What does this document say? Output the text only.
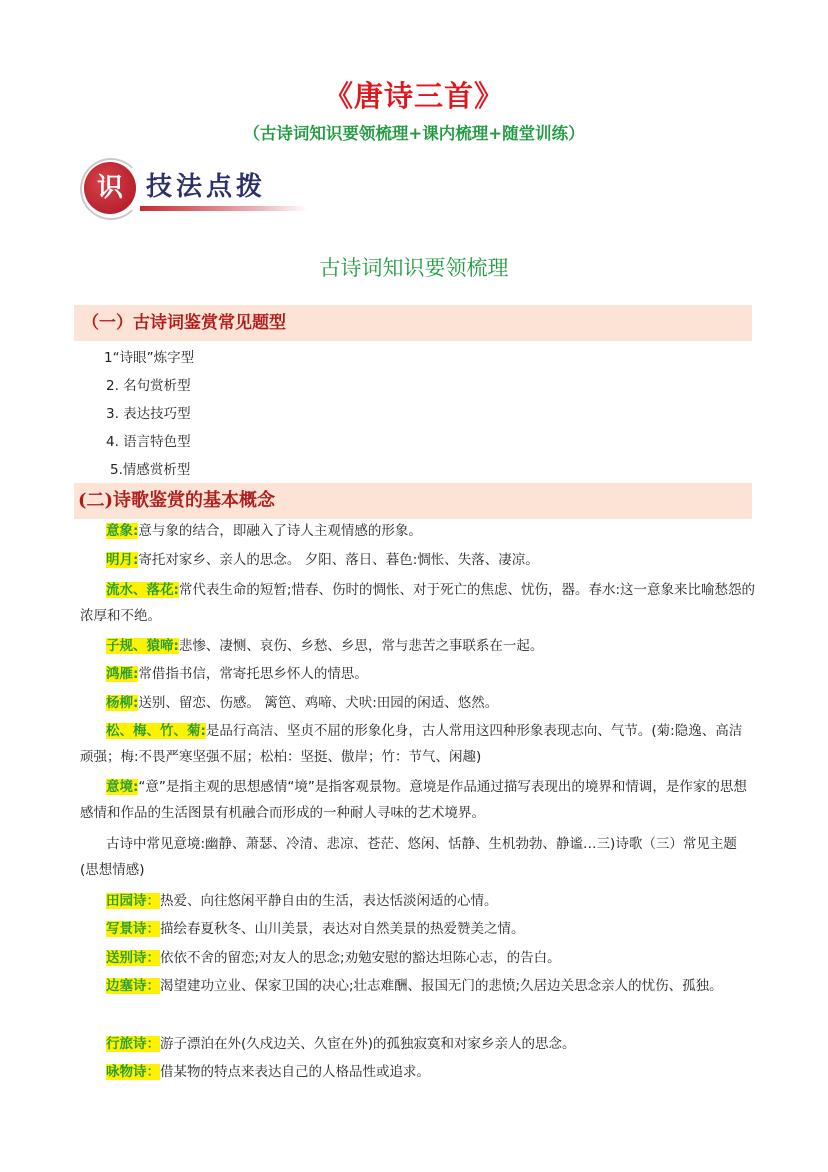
《唐诗三首》
（古诗词知识要领梳理+课内梳理+随堂训练）
识 技法点拨
古诗词知识要领梳理
（一）古诗词鉴赏常见题型
1“诗眼”炼字型
2. 名句赏析型
3. 表达技巧型
4. 语言特色型
5.情感赏析型
(二)诗歌鉴赏的基本概念
意象:意与象的结合，即融入了诗人主观情感的形象。
明月:寄托对家乡、亲人的思念。 夕阳、落日、暮色:惆怅、失落、凄凉。
流水、落花:常代表生命的短暂;惜春、伤时的惆怅、对于死亡的焦虑、忧伤，器。春水:这一意象来比喻愁怨的浓厚和不绝。
子规、猿啼:悲惨、凄恻、哀伤、乡愁、乡思，常与悲苦之事联系在一起。
鸿雁:常借指书信，常寄托思乡怀人的情思。
杨柳:送别、留恋、伤感。 篱笆、鸡啼、犬吠:田园的闲适、悠然。
松、梅、竹、菊:是品行高洁、坚贞不屈的形象化身，古人常用这四种形象表现志向、气节。(菊:隐逸、高洁顽强；梅:不畏严寒坚强不屈；松柏：坚挺、傲岸；竹：节气、闲趣)
意境:“意”是指主观的思想感情“境”是指客观景物。意境是作品通过描写表现出的境界和情调，是作家的思想感情和作品的生活图景有机融合而形成的一种耐人寻味的艺术境界。
古诗中常见意境:幽静、萧瑟、冷清、悲凉、苍茫、悠闲、恬静、生机勃勃、静谧…三)诗歌（三）常见主题(思想情感)
田园诗：热爱、向往悠闲平静自由的生活，表达恬淡闲适的心情。
写景诗：描绘春夏秋冬、山川美景，表达对自然美景的热爱赞美之情。
送别诗：依依不舍的留恋;对友人的思念;劝勉安慰的豁达坦陈心志，的告白。
边塞诗：渴望建功立业、保家卫国的决心;壮志难酬、报国无门的悲愤;久居边关思念亲人的忧伤、孤独。
行旅诗：游子漂泊在外(久戍边关、久宦在外)的孤独寂寞和对家乡亲人的思念。
咏物诗：借某物的特点来表达自己的人格品性或追求。
